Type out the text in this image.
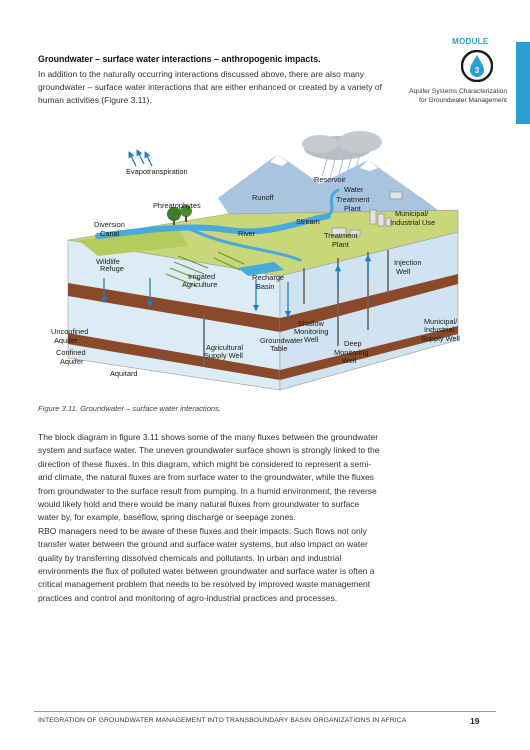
MODULE
3
Aquifer Systems Characterization
for Groundwater Management
Groundwater – surface water interactions – anthropogenic impacts.
In addition to the naturally occurring interactions discussed above, there are also many groundwater – surface water interactions that are either enhanced or created by a variety of human activities (Figure 3.11).
Evapotranspiration
Reservoir
Runoff
Water
Treatment
Plant
Phreatophytes
Municipal/
Industrial Use
Stream
Diversion
Canal	River	Treatment
Plant
Wildlife
Refuge
Injection
Well
Irrigated
Agriculture
Recharge
Basin
Municipal/
Industrial
Supply Well
Shallow
Monitoring
Well
Unconfined
Aquifer	Groundwater
Table
Agricultural
Supply Well
Deep
Monitoring
Well
Confined
Aquifer
Aquitard
Figure 3.11. Groundwater – surface water interactions.

The block diagram in figure 3.11 shows some of the many fluxes between the groundwater system and surface water. The uneven groundwater surface shown is strongly linked to the direction of these fluxes. In this diagram, which might be considered to represent a semi-arid climate, the natural fluxes are from surface water to the groundwater, while the fluxes from groundwater to the surface result from pumping. In a humid environment, the reverse would likely hold and there would be many natural fluxes from groundwater to surface water by, for example, baseflow, spring discharge or seepage zones.

RBO managers need to be aware of these fluxes and their impacts. Such flows not only transfer water between the ground and surface water systems, but also impact on water quality by transferring dissolved chemicals and pollutants. In urban and industrial environments the flux of polluted water between groundwater and surface water is often a critical management problem that needs to be resolved by improved waste management practices and control and monitoring of agro-industrial practices and processes.

INTEGRATION OF GROUNDWATER MANAGEMENT INTO TRANSBOUNDARY BASIN ORGANIZATIONS IN AFRICA	19
